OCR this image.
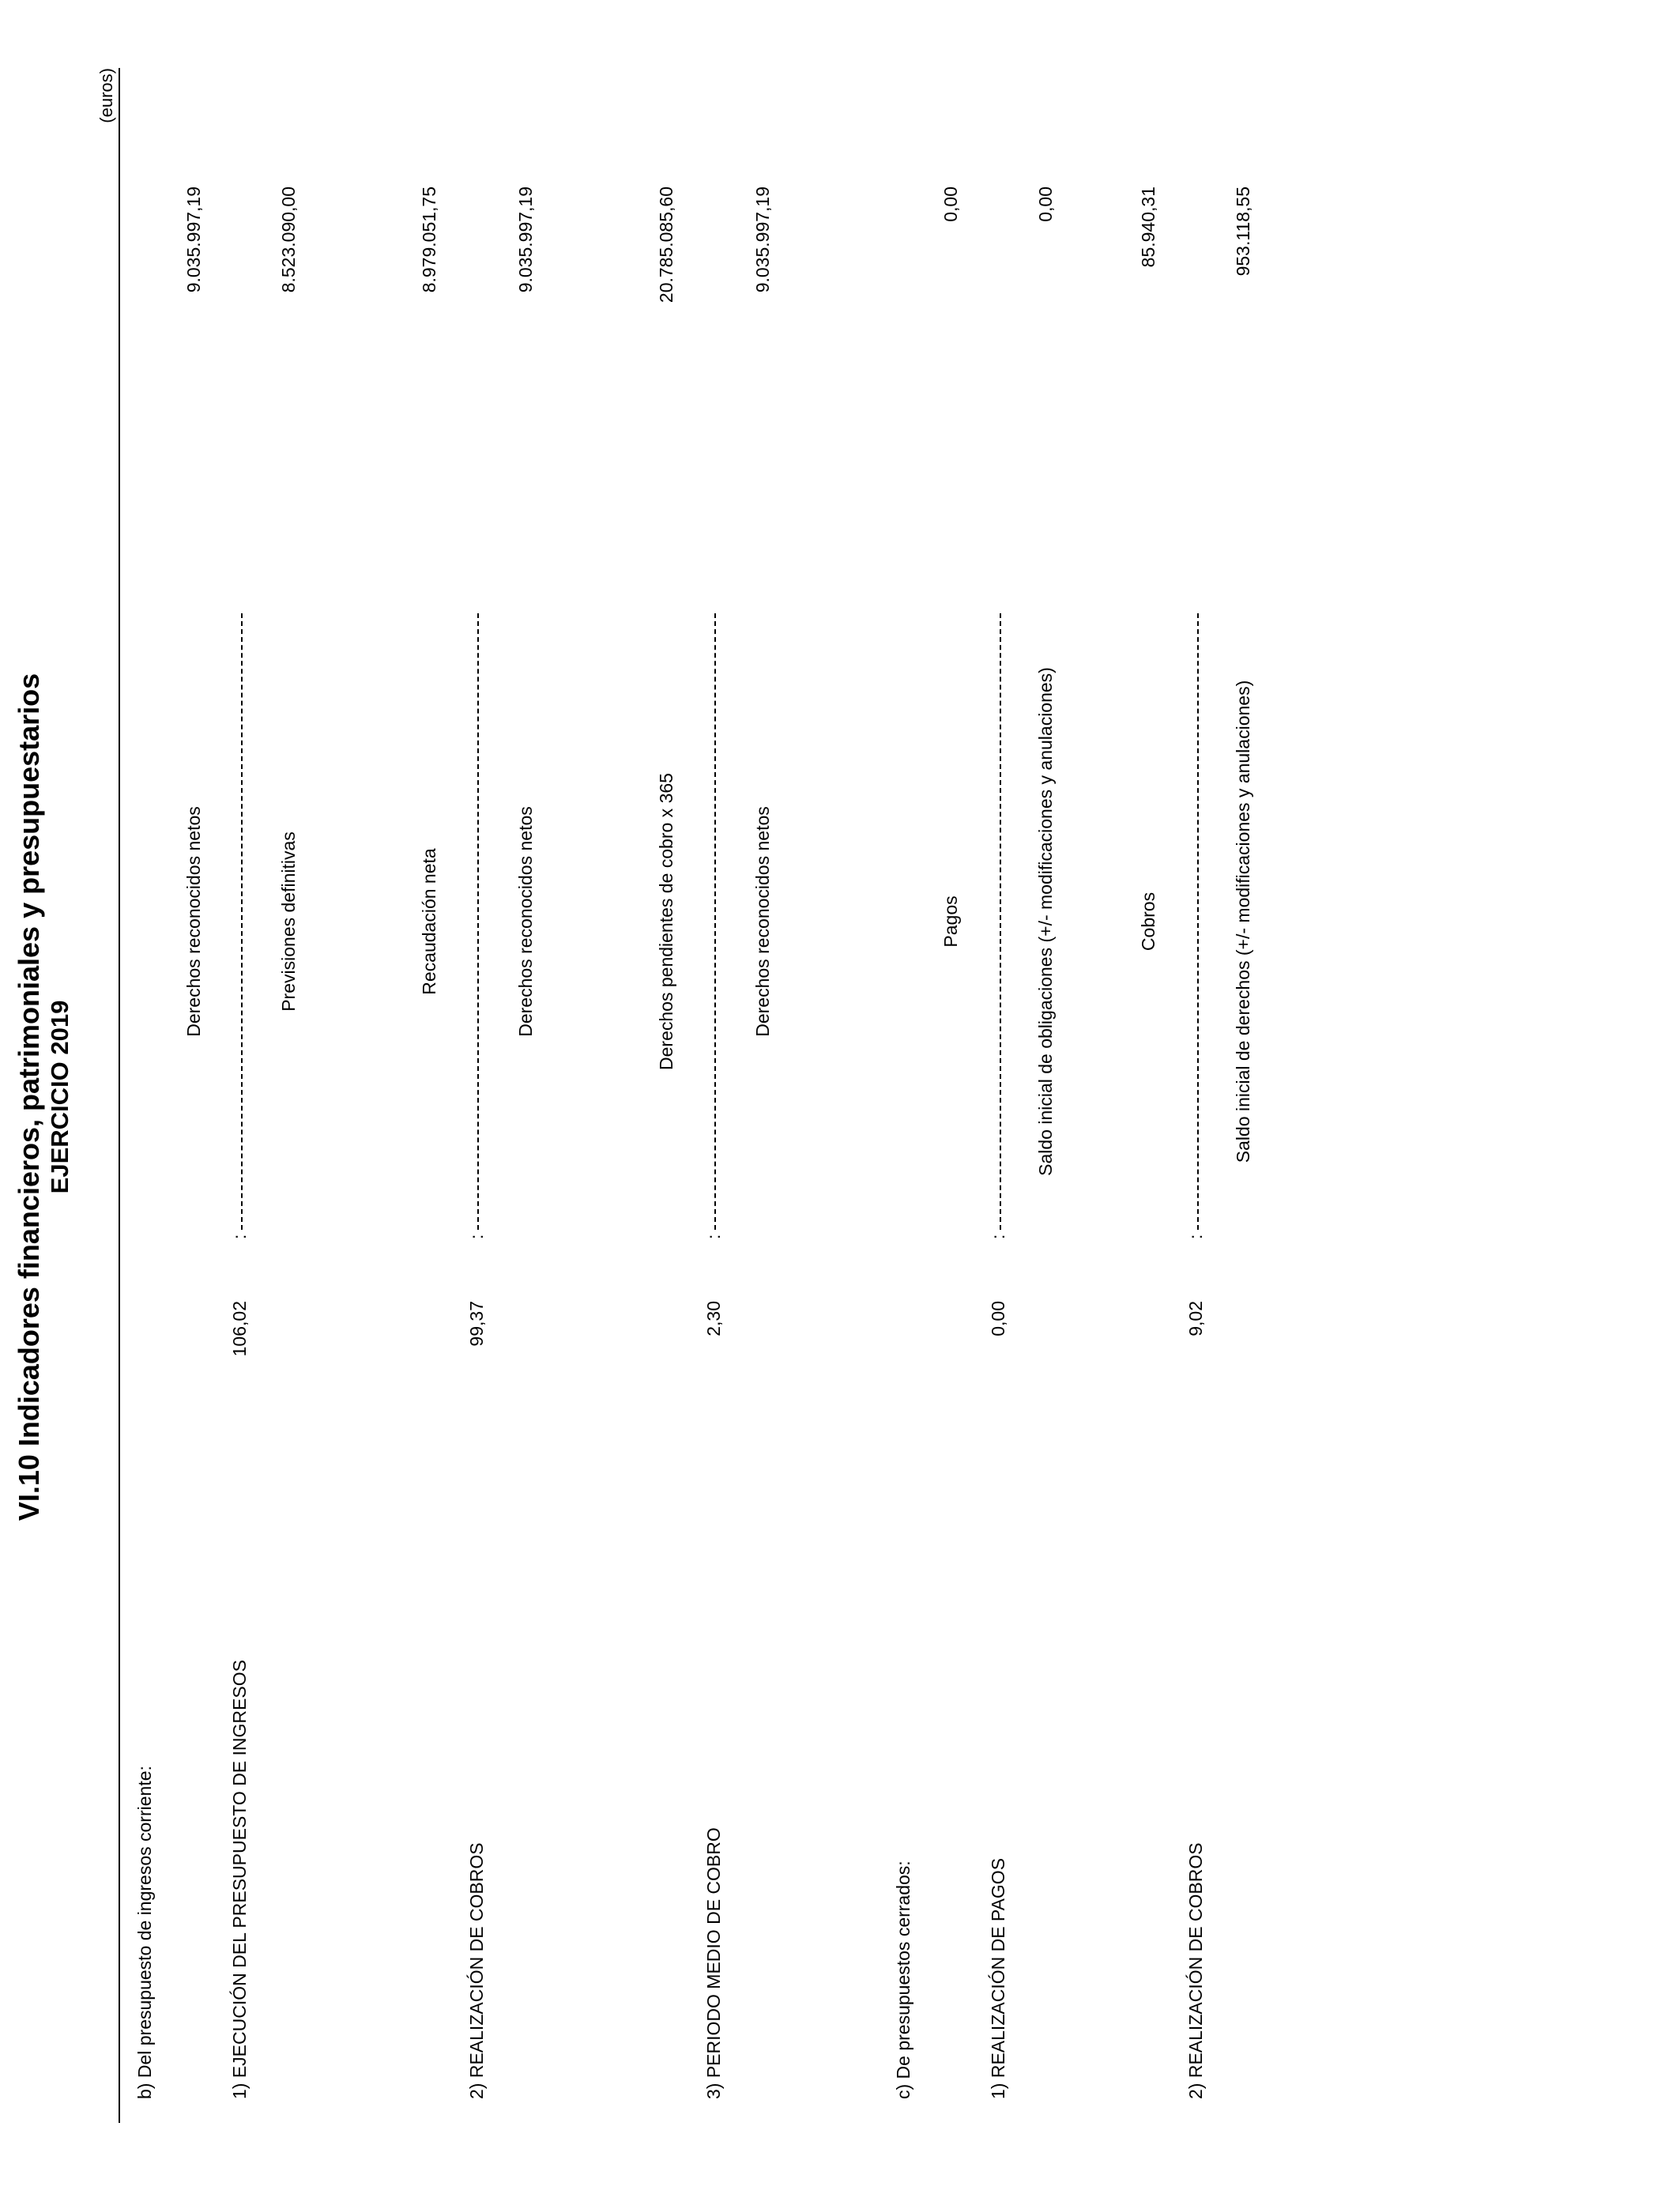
VI.10 Indicadores financieros, patrimoniales y presupuestarios EJERCICIO 2019
(euros)
b) Del presupuesto de ingresos corriente:	1) EJECUCIÓN DEL PRESUPUESTO DE INGRESOS
106,02
:
Derechos reconocidos netos	Previsiones definitivas
9.035.997,19	8.523.090,00
2) REALIZACIÓN DE COBROS
99,37
:
Recaudación neta	Derechos reconocidos netos
8.979.051,75	9.035.997,19
3) PERIODO MEDIO DE COBRO
2,30
:
Derechos pendientes de cobro x 365	Derechos reconocidos netos
20.785.085,60	9.035.997,19
c) De presupuestos cerrados:	1) REALIZACIÓN DE PAGOS
0,00
:
Pagos	Saldo inicial de obligaciones (+/- modificaciones y anulaciones)
0,00	0,00
2) REALIZACIÓN DE COBROS
9,02
:
Cobros	Saldo inicial de derechos (+/- modificaciones y anulaciones)
85.940,31	953.118,55
